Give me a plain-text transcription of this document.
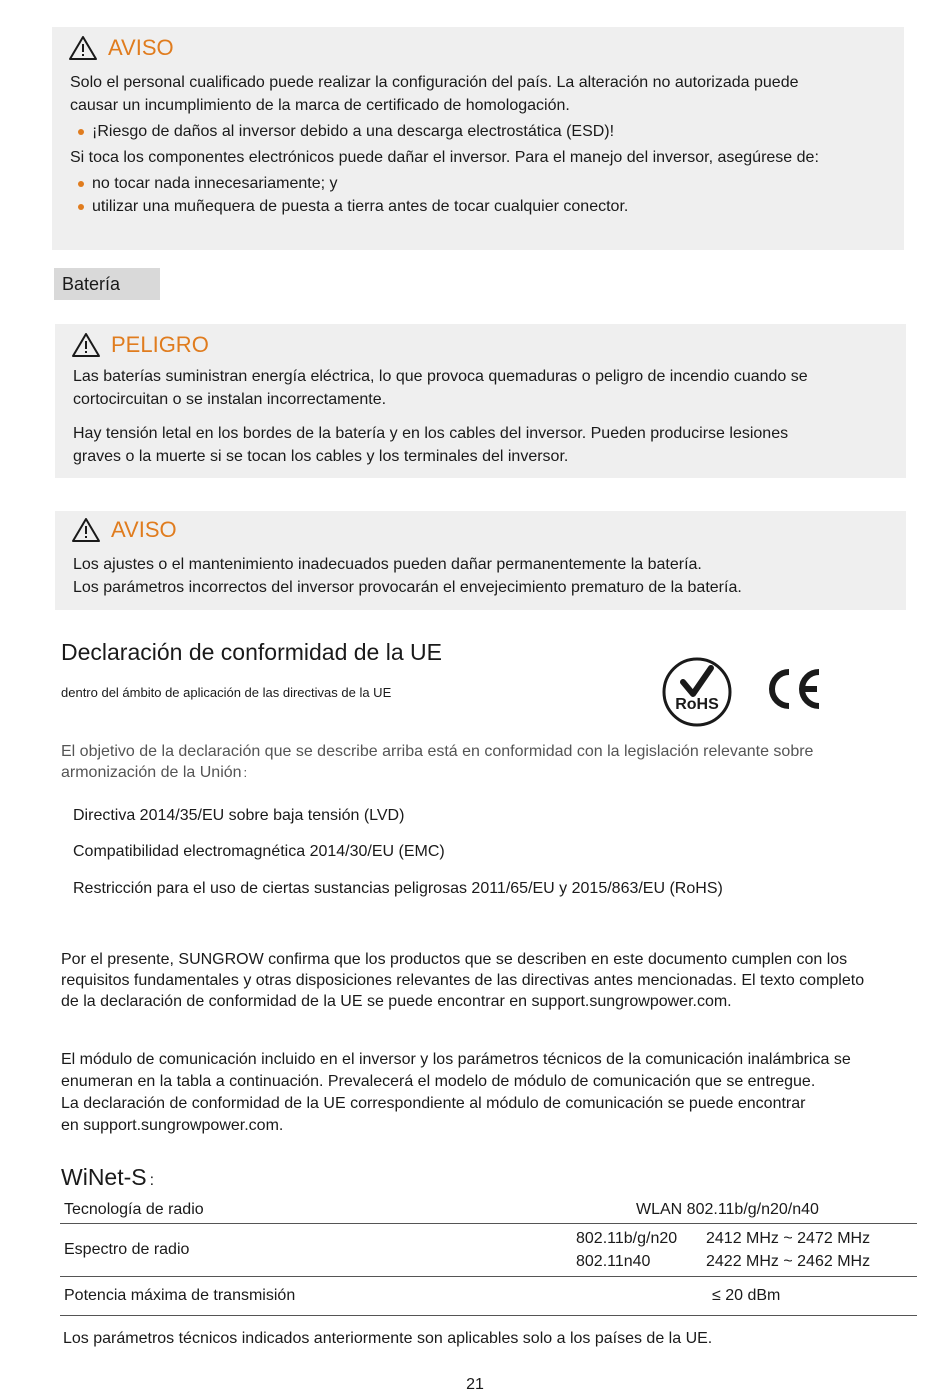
AVISO
Solo el personal cualificado puede realizar la configuración del país. La alteración no autorizada puede
causar un incumplimiento de la marca de certificado de homologación.
¡Riesgo de daños al inversor debido a una descarga electrostática (ESD)!
Si toca los componentes electrónicos puede dañar el inversor. Para el manejo del inversor, asegúrese de:
no tocar nada innecesariamente; y
utilizar una muñequera de puesta a tierra antes de tocar cualquier conector.
Batería
PELIGRO
Las baterías suministran energía eléctrica, lo que provoca quemaduras o peligro de incendio cuando se
cortocircuitan o se instalan incorrectamente.
Hay tensión letal en los bordes de la batería y en los cables del inversor. Pueden producirse lesiones
graves o la muerte si se tocan los cables y los terminales del inversor.
AVISO
Los ajustes o el mantenimiento inadecuados pueden dañar permanentemente la batería.
Los parámetros incorrectos del inversor provocarán el envejecimiento prematuro de la batería.
Declaración de conformidad de la UE
dentro del ámbito de aplicación de las directivas de la UE
RoHS
El objetivo de la declaración que se describe arriba está en conformidad con la legislación relevante sobre
armonización de la Unión :
Directiva 2014/35/EU sobre baja tensión (LVD)
Compatibilidad electromagnética 2014/30/EU (EMC)
Restricción para el uso de ciertas sustancias peligrosas 2011/65/EU y 2015/863/EU (RoHS)
Por el presente, SUNGROW confirma que los productos que se describen en este documento cumplen con los
requisitos fundamentales y otras disposiciones relevantes de las directivas antes mencionadas. El texto completo
de la declaración de conformidad de la UE se puede encontrar en support.sungrowpower.com.
El módulo de comunicación incluido en el inversor y los parámetros técnicos de la comunicación inalámbrica se
enumeran en la tabla a continuación. Prevalecerá el modelo de módulo de comunicación que se entregue.
La declaración de conformidad de la UE correspondiente al módulo de comunicación se puede encontrar
en support.sungrowpower.com.
WiNet-S :
Tecnología de radio	WLAN 802.11b/g/n20/n40
Espectro de radio	802.11b/g/n20 2412 MHz ~ 2472 MHz
802.11n40 2422 MHz ~ 2462 MHz

Potencia máxima de transmisión	≤ 20 dBm
Los parámetros técnicos indicados anteriormente son aplicables solo a los países de la UE.
21
